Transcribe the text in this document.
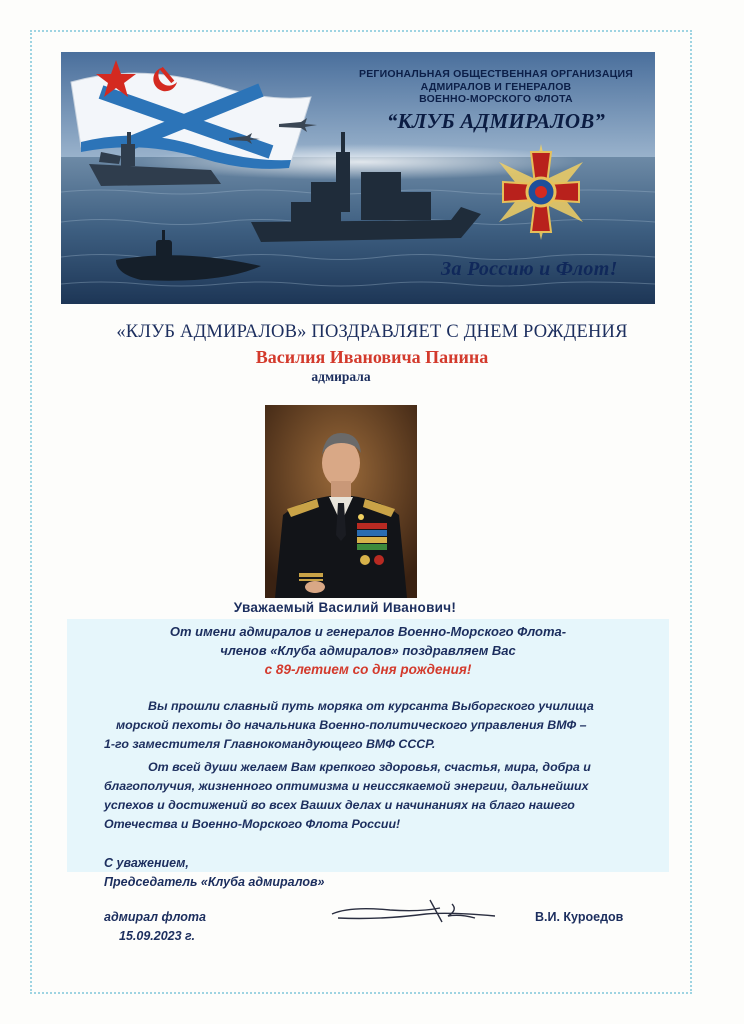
РЕГИОНАЛЬНАЯ ОБЩЕСТВЕННАЯ ОРГАНИЗАЦИЯ
АДМИРАЛОВ И ГЕНЕРАЛОВ
ВОЕННО-МОРСКОГО ФЛОТА
“КЛУБ АДМИРАЛОВ”
За Россию и Флот!
«КЛУБ АДМИРАЛОВ» ПОЗДРАВЛЯЕТ С ДНЕМ РОЖДЕНИЯ
Василия Ивановича Панина
адмирала
Уважаемый Василий Иванович!
От имени адмиралов и генералов Военно-Морского Флота-
членов «Клуба адмиралов» поздравляем Вас
с 89-летием со дня рождения!
Вы прошли славный путь моряка от курсанта Выборгского училища
морской пехоты до начальника Военно-политического управления ВМФ –
1-го заместителя Главнокомандующего ВМФ СССР.
От всей души желаем Вам крепкого здоровья, счастья, мира, добра и
благополучия, жизненного оптимизма и неиссякаемой энергии, дальнейших
успехов и достижений во всех Ваших делах и начинаниях на благо нашего
Отечества и Военно-Морского Флота России!
С уважением,
Председатель «Клуба адмиралов»
адмирал флота
15.09.2023 г.
В.И. Куроедов
